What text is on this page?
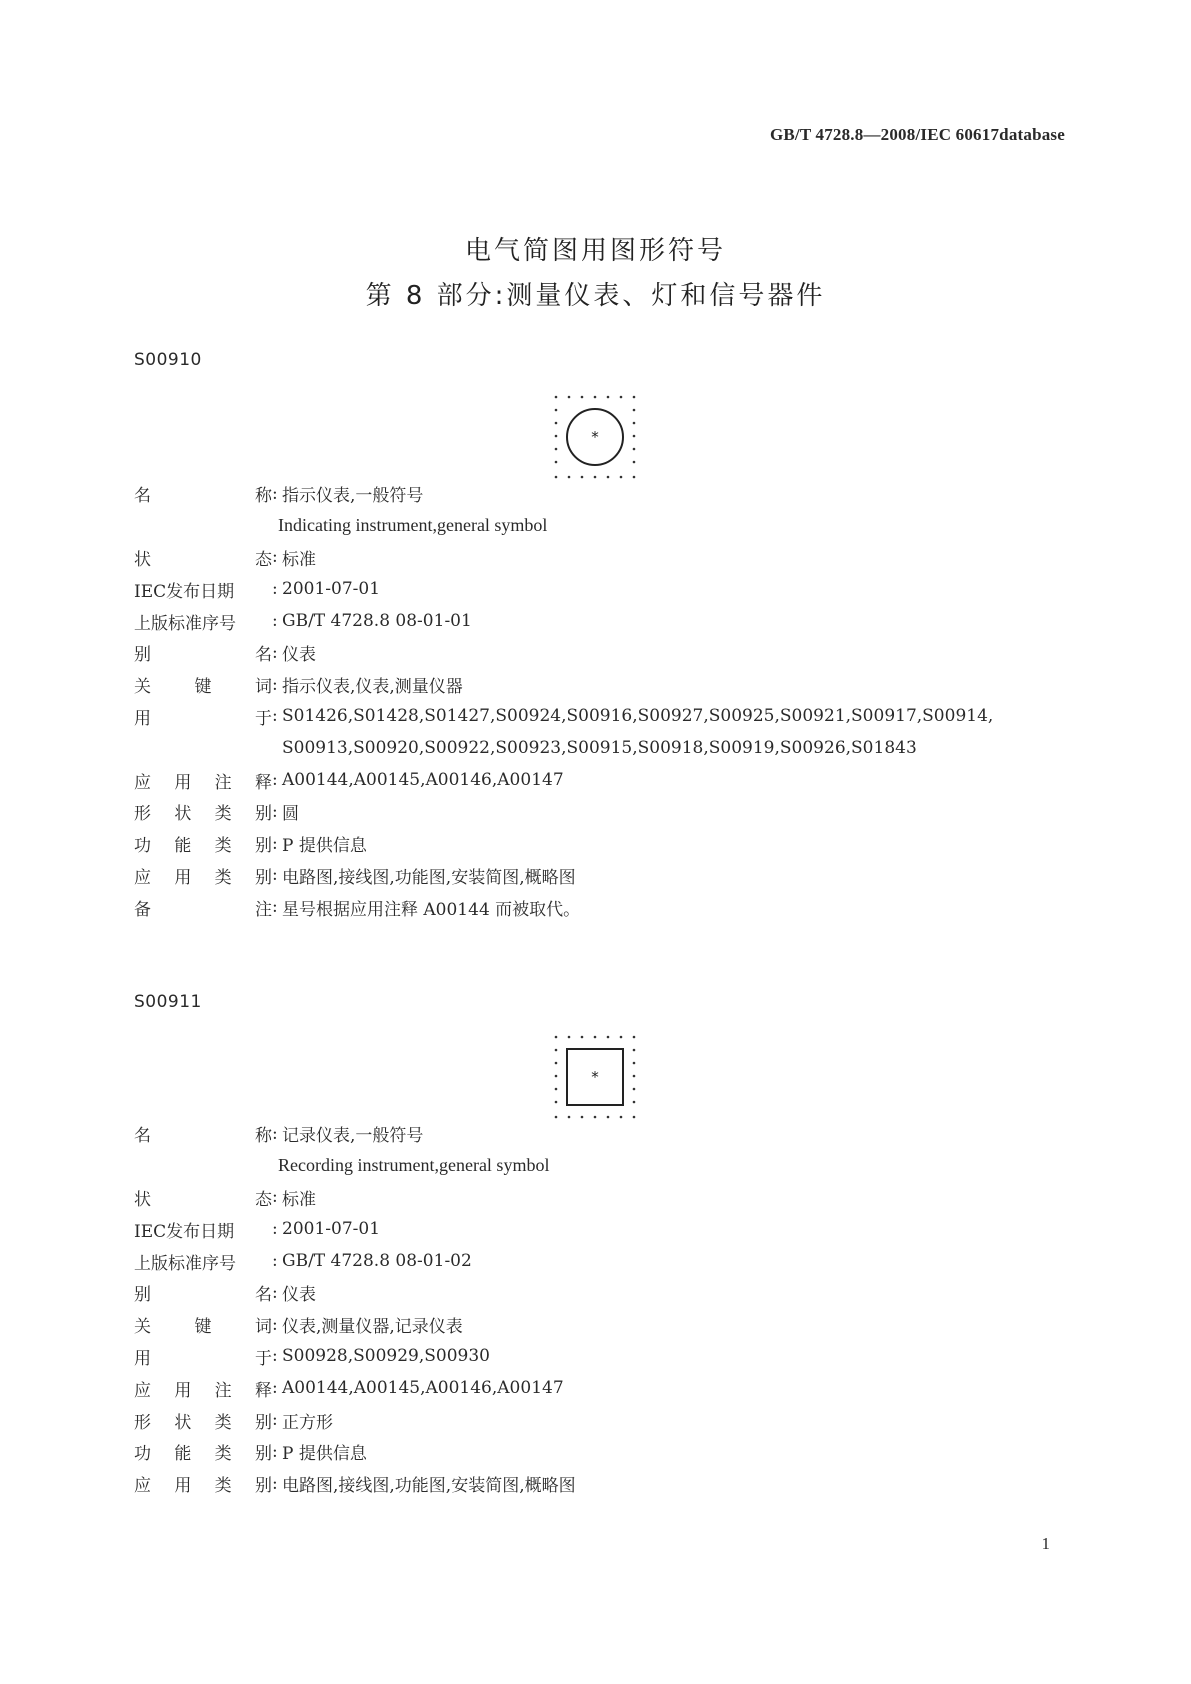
GB/T 4728.8—2008/IEC 60617database
电气简图用图形符号
第 8 部分:测量仪表、灯和信号器件
S00910
*
名	称 : 指示仪表,一般符号
Indicating instrument,general symbol
状	态 : 标准
IEC发布日期 : 2001-07-01
上版标准序号 : GB/T 4728.8 08-01-01
别	名 : 仪表
关	键	词 : 指示仪表,仪表,测量仪器
用	于 : S01426,S01428,S01427,S00924,S00916,S00927,S00925,S00921,S00917,S00914,
S00913,S00920,S00922,S00923,S00915,S00918,S00919,S00926,S01843
应 用 注 释 : A00144,A00145,A00146,A00147
形 状 类 别 : 圆
功 能 类 别 : P 提供信息
应 用 类 别 : 电路图,接线图,功能图,安装简图,概略图
备	注 : 星号根据应用注释 A00144 而被取代。
S00911
*
名	称 : 记录仪表,一般符号
Recording instrument,general symbol
状	态 : 标准
IEC发布日期 : 2001-07-01
上版标准序号 : GB/T 4728.8 08-01-02
别	名 : 仪表
关	键	词 : 仪表,测量仪器,记录仪表
用	于 : S00928,S00929,S00930
应 用 注 释 : A00144,A00145,A00146,A00147
形 状 类 别 : 正方形
功 能 类 别 : P 提供信息
应 用 类 别 : 电路图,接线图,功能图,安装简图,概略图
1
